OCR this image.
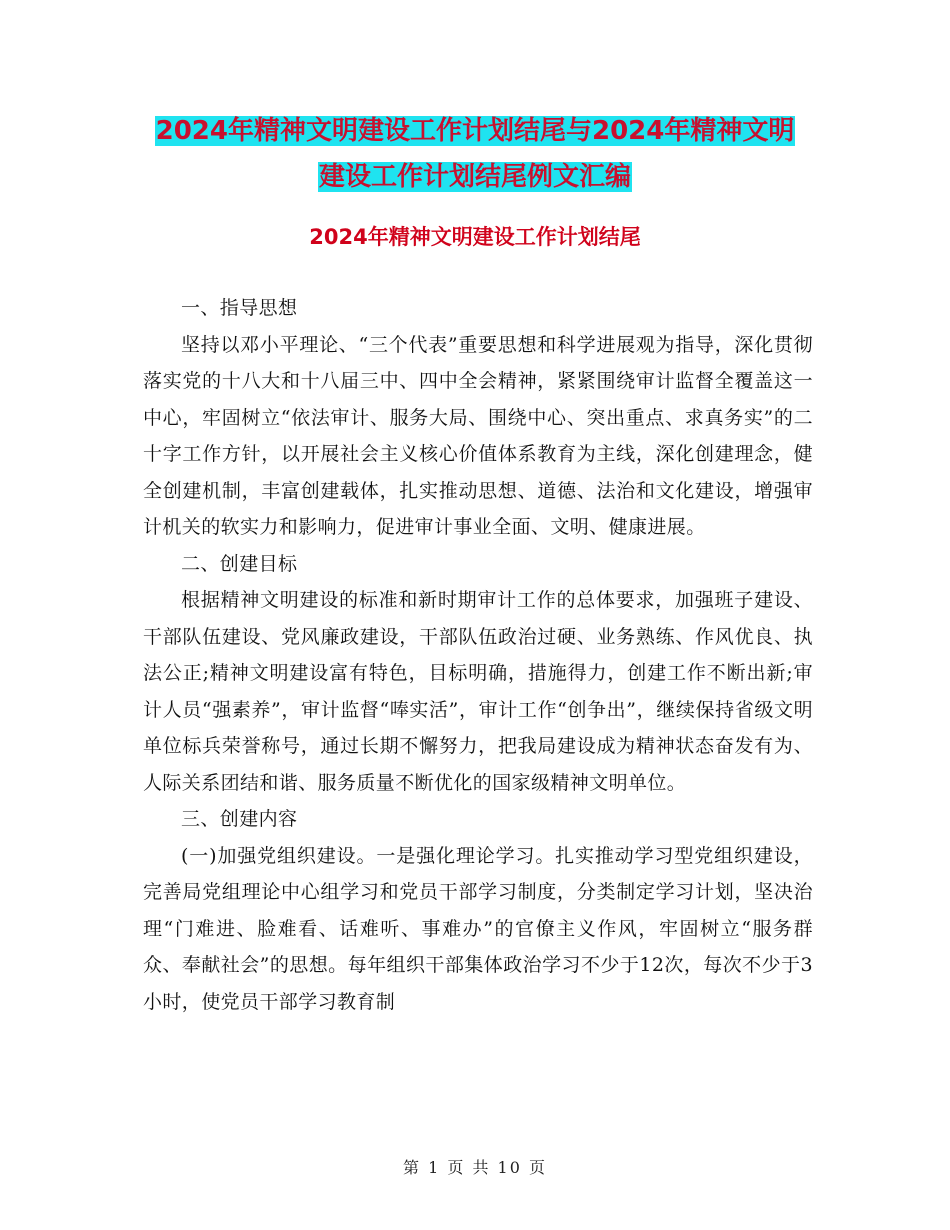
2024年精神文明建设工作计划结尾与2024年精神文明
建设工作计划结尾例文汇编
2024年精神文明建设工作计划结尾

一、指导思想

坚持以邓小平理论、“三个代表”重要思想和科学进展观为指导，深化贯彻落实党的十八大和十八届三中、四中全会精神，紧紧围绕审计监督全覆盖这一中心，牢固树立“依法审计、服务大局、围绕中心、突出重点、求真务实”的二十字工作方针，以开展社会主义核心价值体系教育为主线，深化创建理念，健全创建机制，丰富创建载体，扎实推动思想、道德、法治和文化建设，增强审计机关的软实力和影响力，促进审计事业全面、文明、健康进展。

二、创建目标

根据精神文明建设的标准和新时期审计工作的总体要求，加强班子建设、干部队伍建设、党风廉政建设，干部队伍政治过硬、业务熟练、作风优良、执法公正;精神文明建设富有特色，目标明确，措施得力，创建工作不断出新;审计人员“强素养”，审计监督“唪实活”，审计工作“创争出”，继续保持省级文明单位标兵荣誉称号，通过长期不懈努力，把我局建设成为精神状态奋发有为、人际关系团结和谐、服务质量不断优化的国家级精神文明单位。

三、创建内容

(一)加强党组织建设。一是强化理论学习。扎实推动学习型党组织建设，完善局党组理论中心组学习和党员干部学习制度，分类制定学习计划，坚决治理“门难进、脸难看、话难听、事难办”的官僚主义作风，牢固树立“服务群众、奉献社会”的思想。每年组织干部集体政治学习不少于12次，每次不少于3小时，使党员干部学习教育制

第 1 页 共 10 页
